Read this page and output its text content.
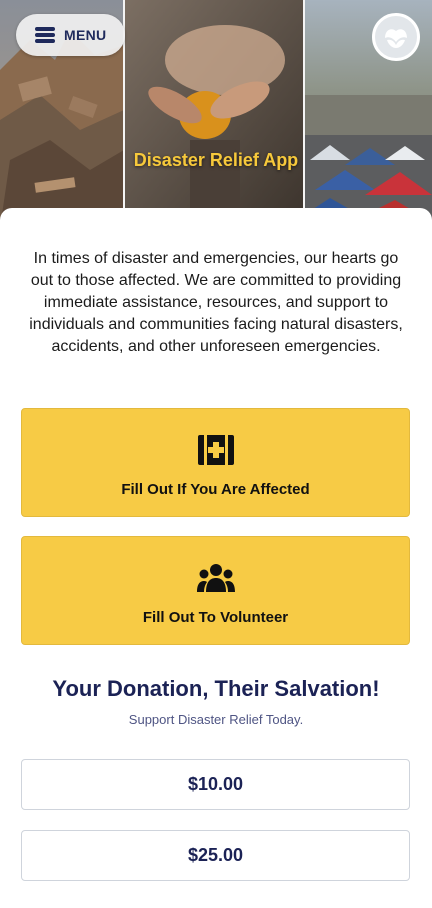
MENU
Disaster Relief App

In times of disaster and emergencies, our hearts go out to those affected. We are committed to providing immediate assistance, resources, and support to individuals and communities facing natural disasters, accidents, and other unforeseen emergencies.

Fill Out If You Are Affected
Fill Out To Volunteer
Your Donation, Their Salvation!
Support Disaster Relief Today.
$10.00
$25.00
